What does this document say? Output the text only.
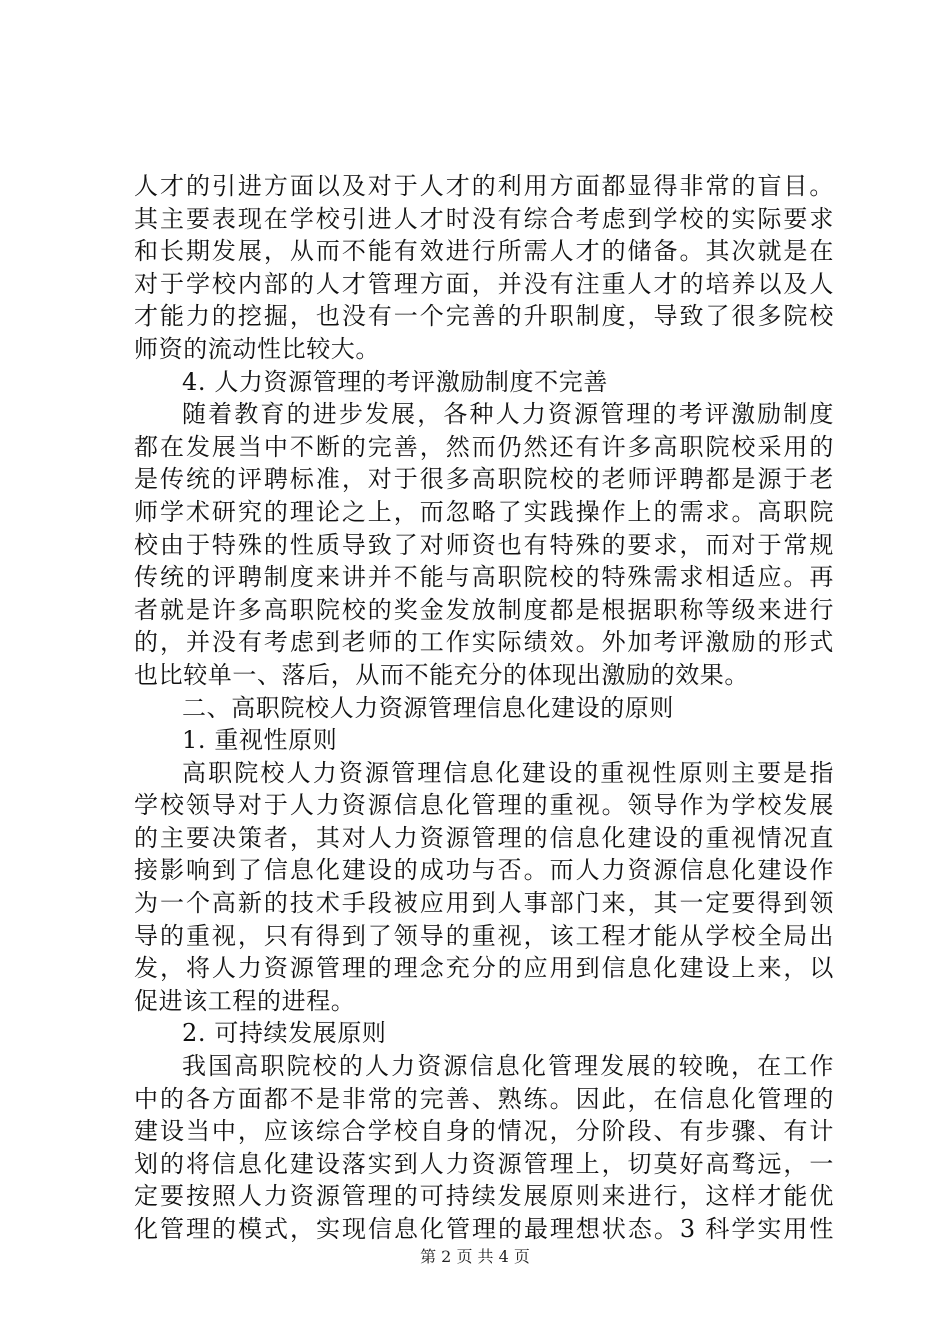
人才的引进方面以及对于人才的利用方面都显得非常的盲目。
其主要表现在学校引进人才时没有综合考虑到学校的实际要求
和长期发展，从而不能有效进行所需人才的储备。其次就是在
对于学校内部的人才管理方面，并没有注重人才的培养以及人
才能力的挖掘，也没有一个完善的升职制度，导致了很多院校
师资的流动性比较大。
4. 人力资源管理的考评激励制度不完善
随着教育的进步发展，各种人力资源管理的考评激励制度
都在发展当中不断的完善，然而仍然还有许多高职院校采用的
是传统的评聘标准，对于很多高职院校的老师评聘都是源于老
师学术研究的理论之上，而忽略了实践操作上的需求。高职院
校由于特殊的性质导致了对师资也有特殊的要求，而对于常规
传统的评聘制度来讲并不能与高职院校的特殊需求相适应。再
者就是许多高职院校的奖金发放制度都是根据职称等级来进行
的，并没有考虑到老师的工作实际绩效。外加考评激励的形式
也比较单一、落后，从而不能充分的体现出激励的效果。
二、高职院校人力资源管理信息化建设的原则
1. 重视性原则
高职院校人力资源管理信息化建设的重视性原则主要是指
学校领导对于人力资源信息化管理的重视。领导作为学校发展
的主要决策者，其对人力资源管理的信息化建设的重视情况直
接影响到了信息化建设的成功与否。而人力资源信息化建设作
为一个高新的技术手段被应用到人事部门来，其一定要得到领
导的重视，只有得到了领导的重视，该工程才能从学校全局出
发，将人力资源管理的理念充分的应用到信息化建设上来，以
促进该工程的进程。
2. 可持续发展原则
我国高职院校的人力资源信息化管理发展的较晚，在工作
中的各方面都不是非常的完善、熟练。因此，在信息化管理的
建设当中，应该综合学校自身的情况，分阶段、有步骤、有计
划的将信息化建设落实到人力资源管理上，切莫好高骛远，一
定要按照人力资源管理的可持续发展原则来进行，这样才能优
化管理的模式，实现信息化管理的最理想状态。3 科学实用性
第 2 页 共 4 页
